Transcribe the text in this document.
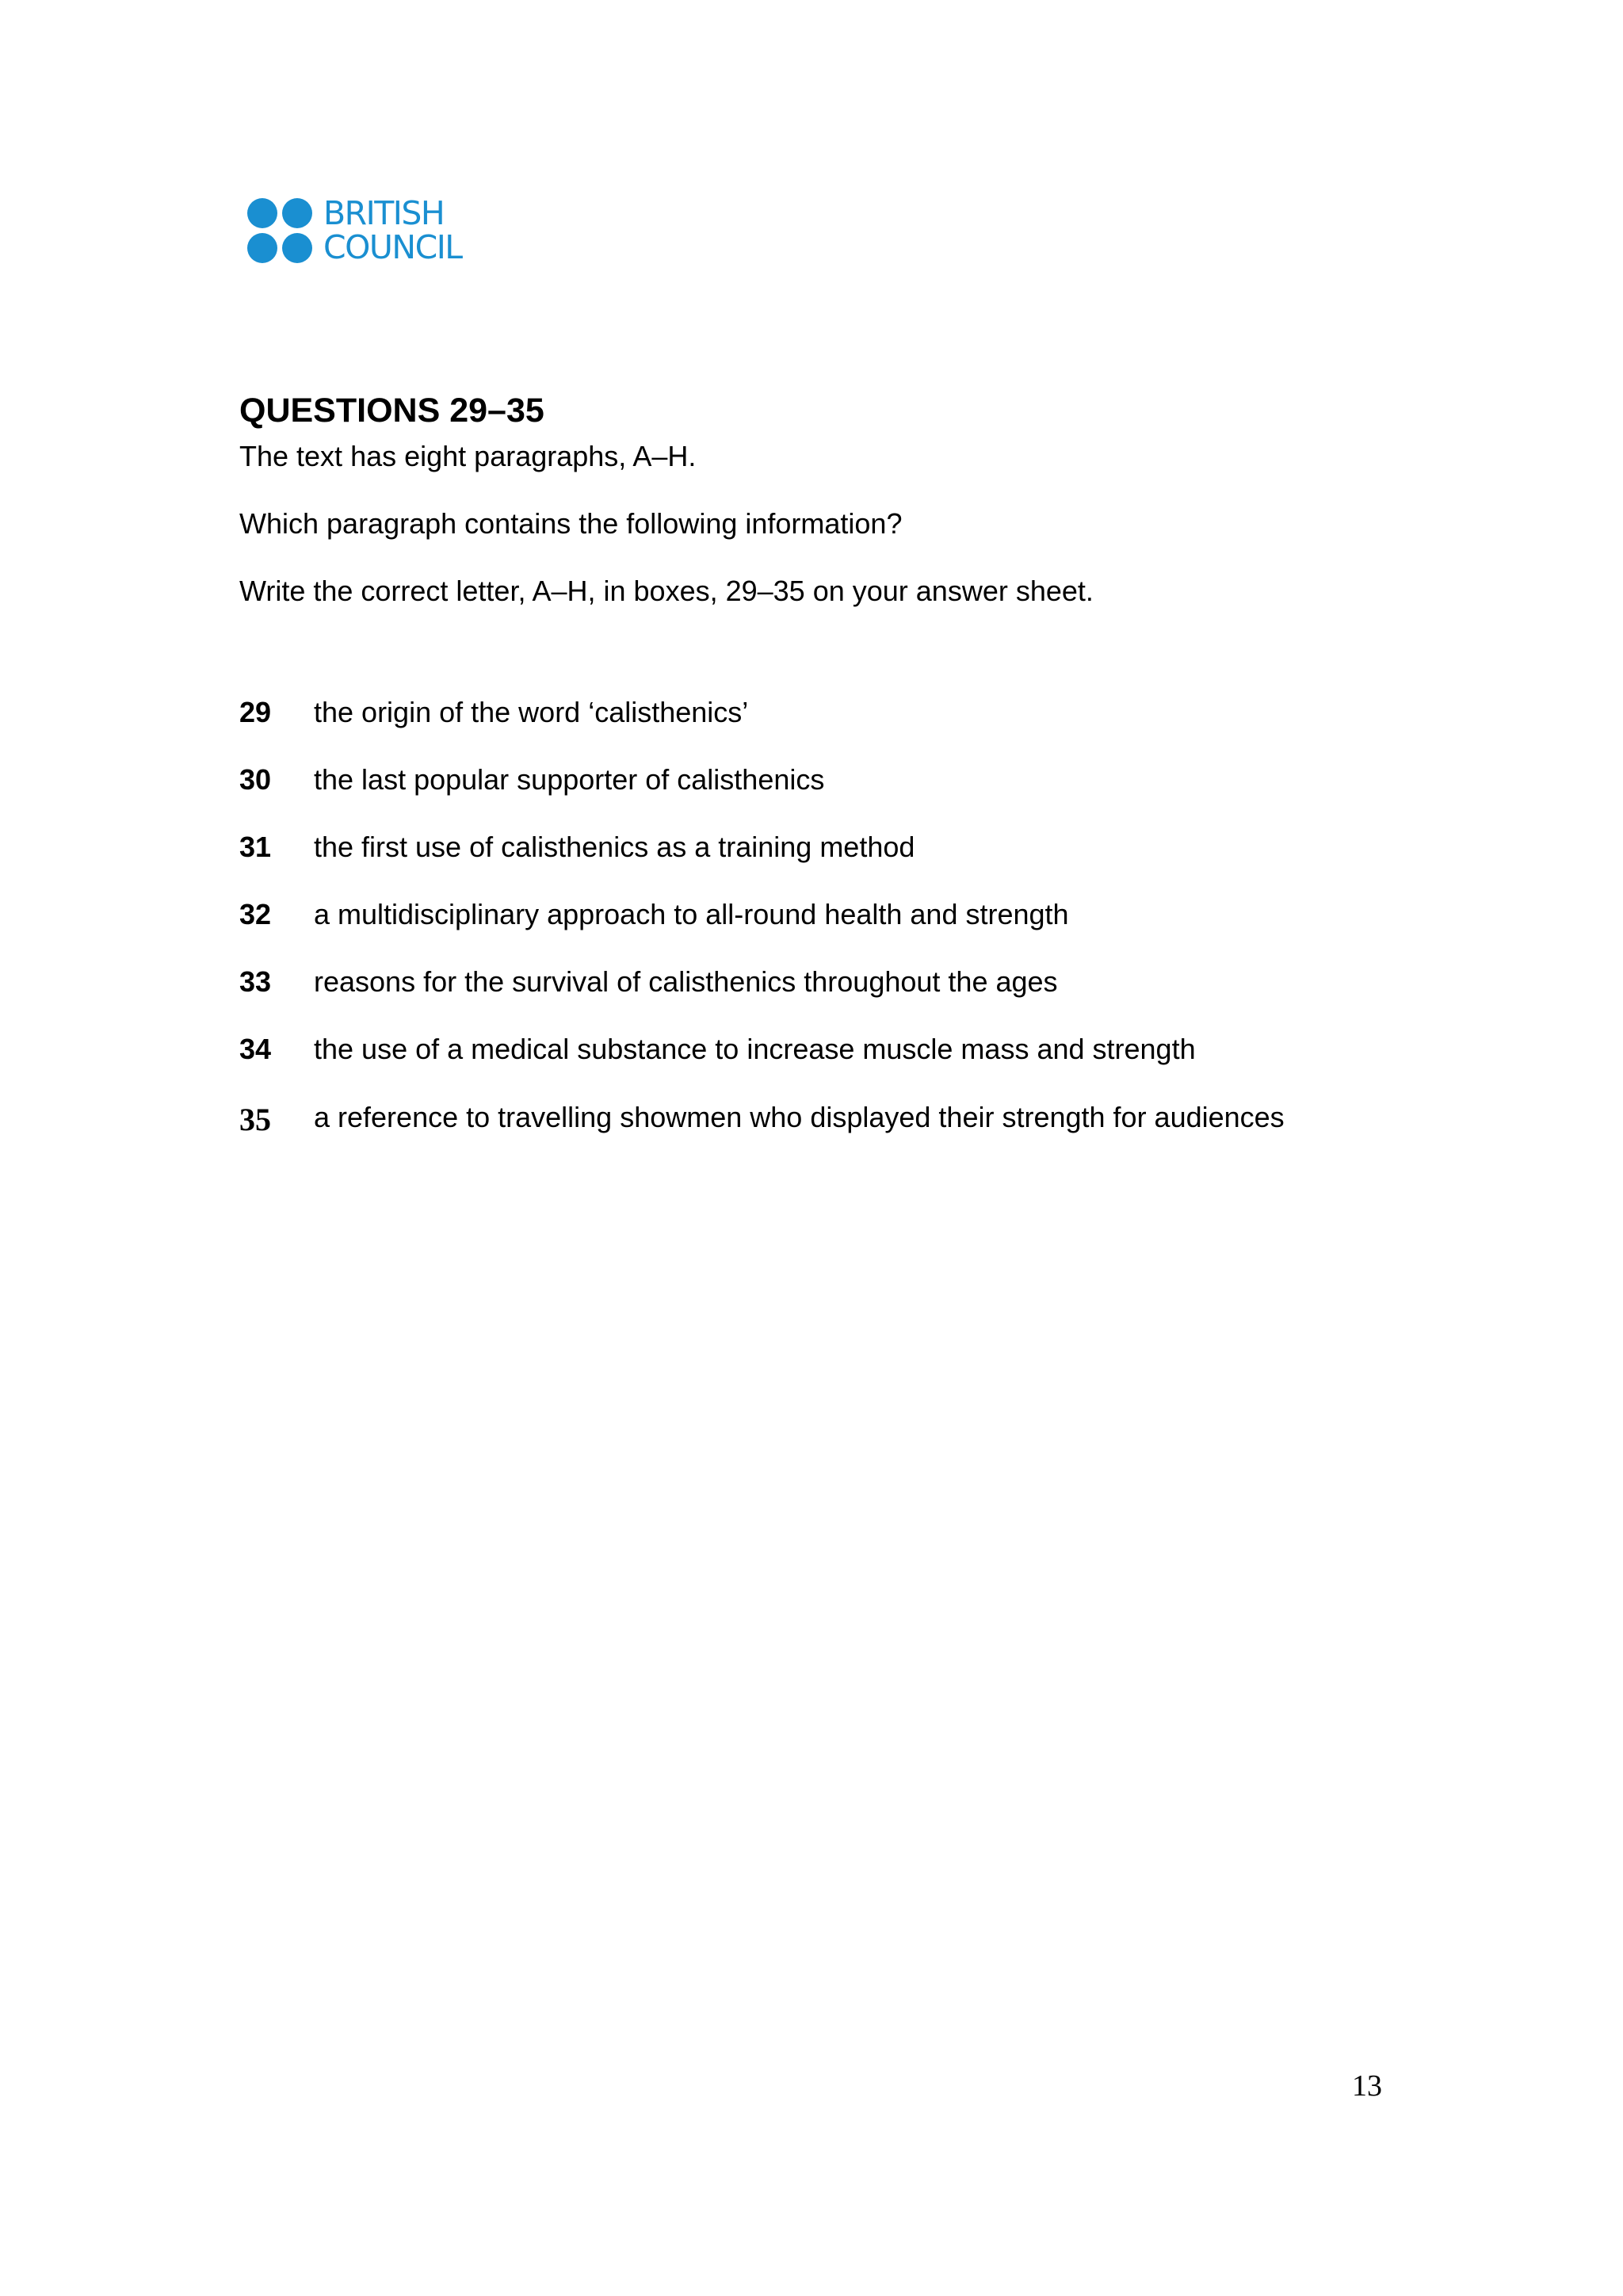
BRITISH
COUNCIL
QUESTIONS 29–35
The text has eight paragraphs, A–H.
Which paragraph contains the following information?
Write the correct letter, A–H, in boxes, 29–35 on your answer sheet.
29 the origin of the word ‘calisthenics’
30 the last popular supporter of calisthenics
31 the first use of calisthenics as a training method
32 a multidisciplinary approach to all-round health and strength
33 reasons for the survival of calisthenics throughout the ages
34 the use of a medical substance to increase muscle mass and strength
35 a reference to travelling showmen who displayed their strength for audiences
13
